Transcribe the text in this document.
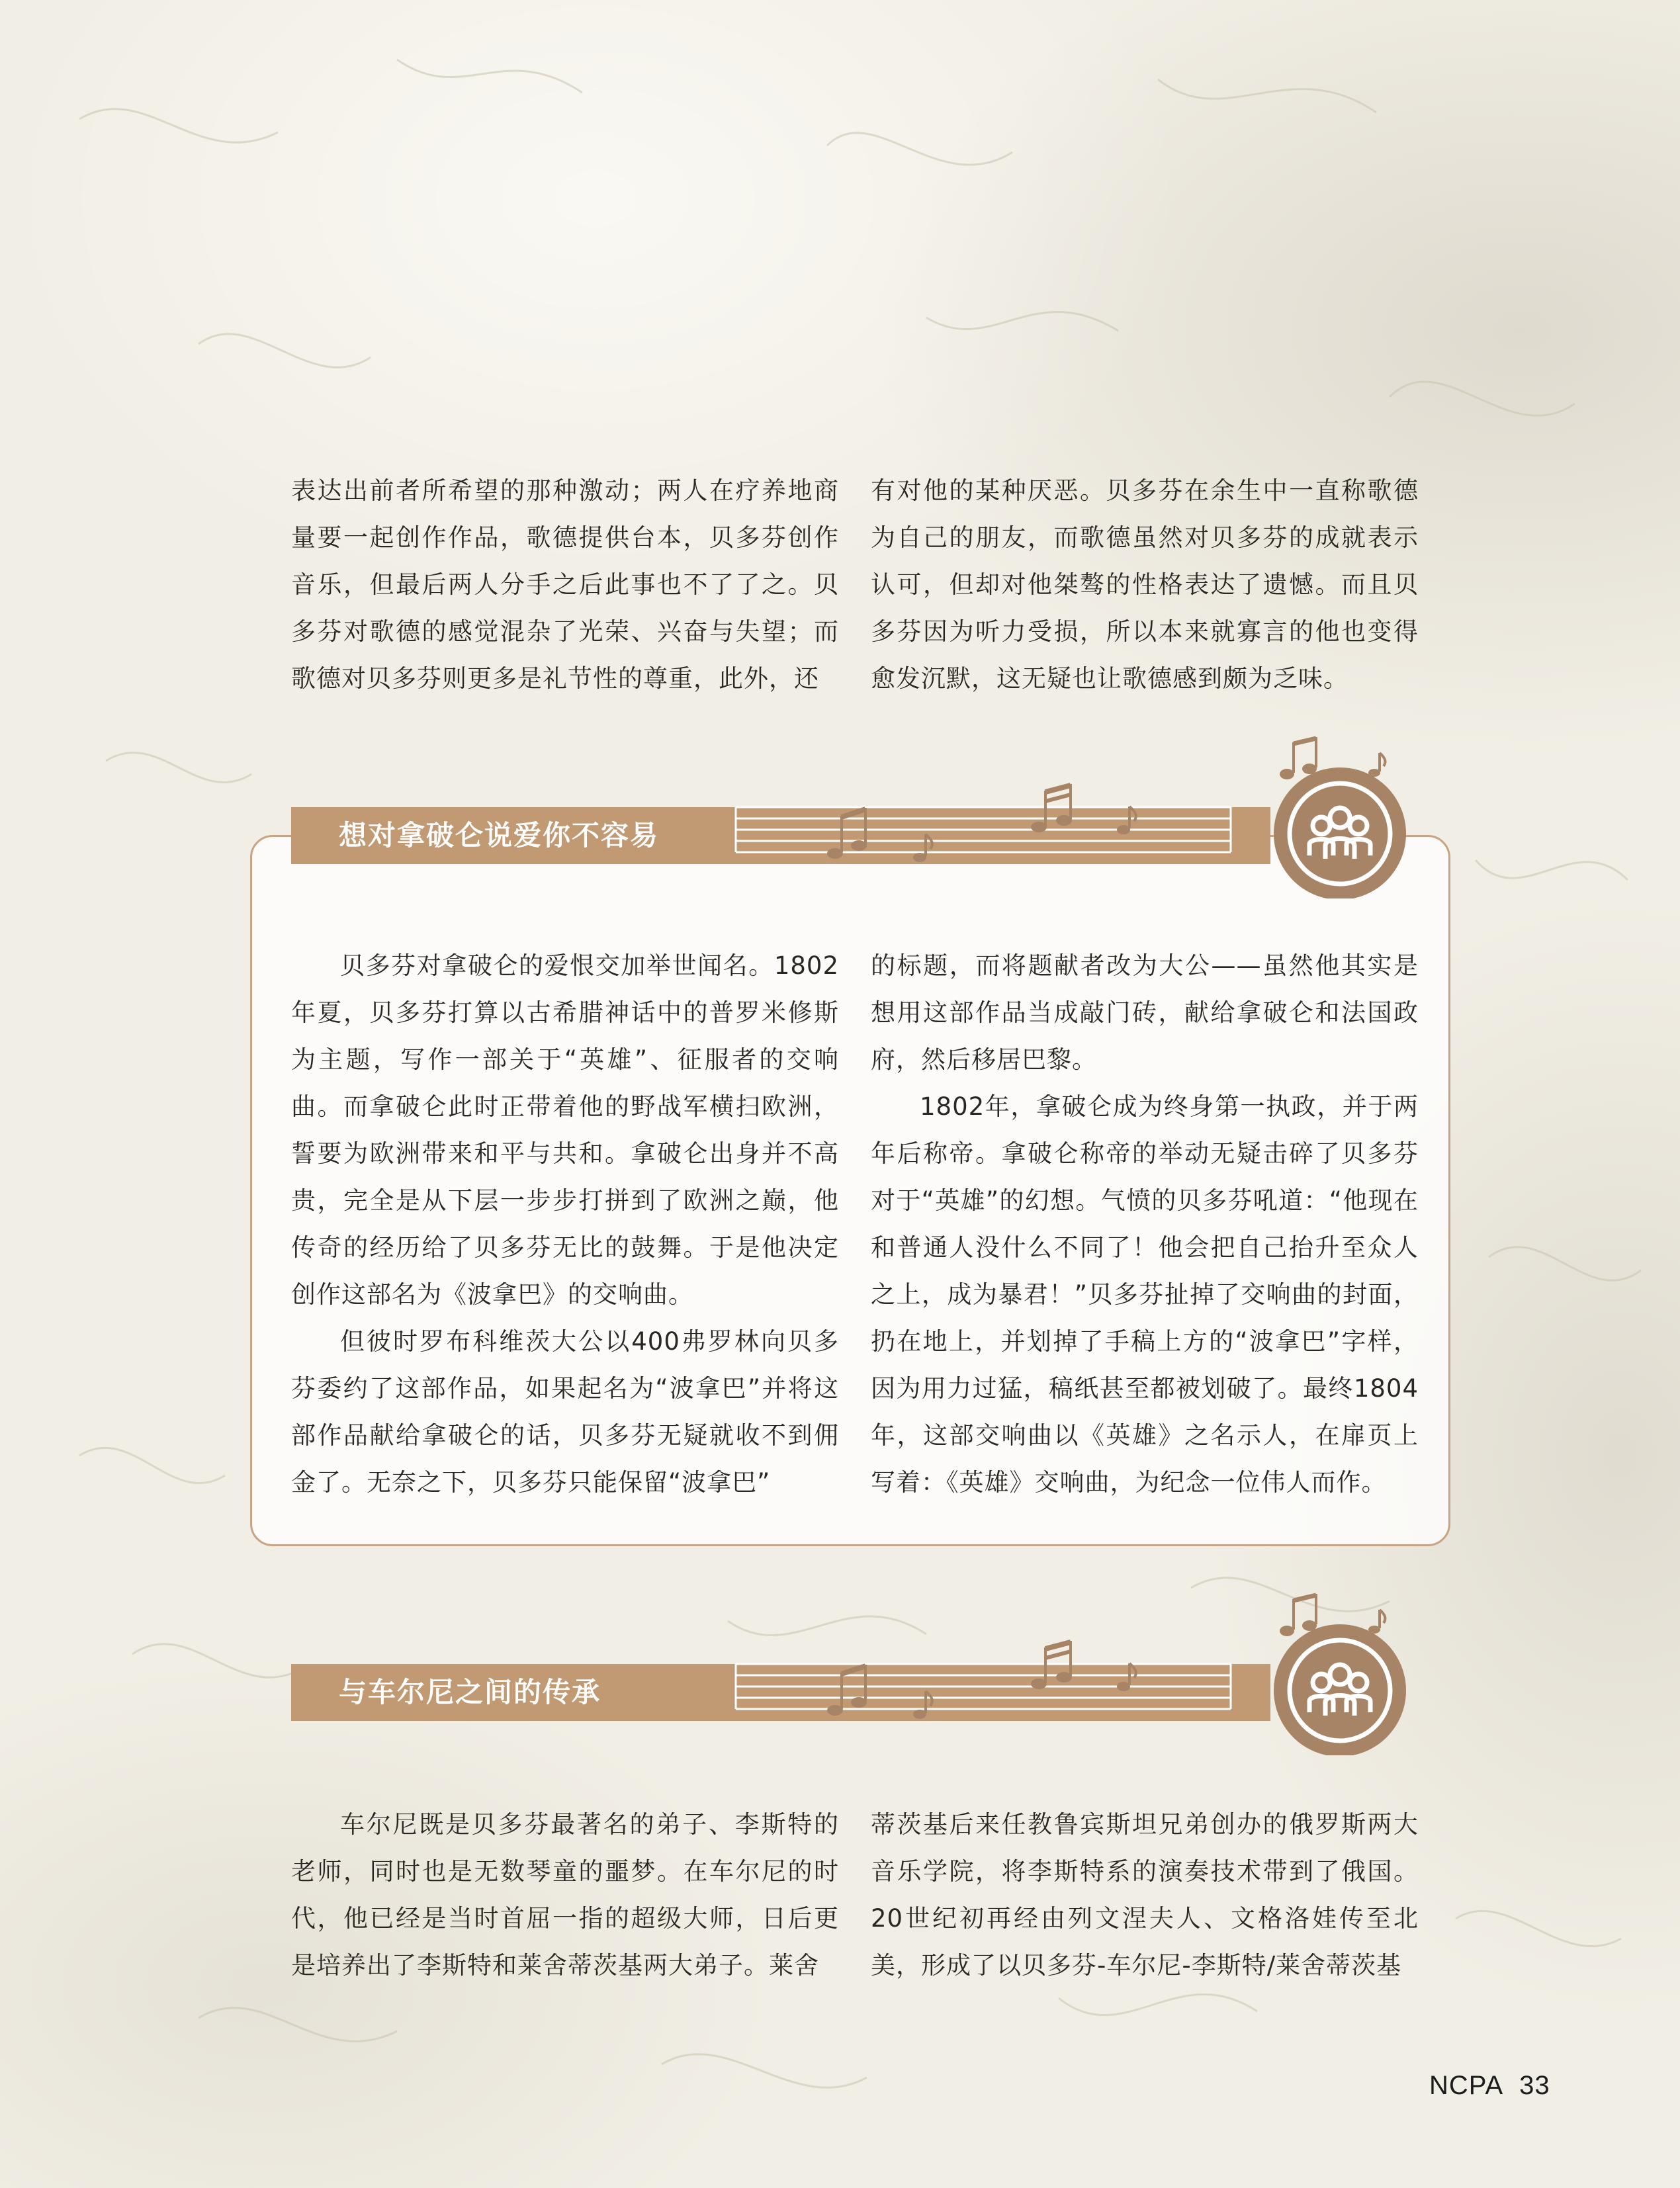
表达出前者所希望的那种激动；两人在疗养地商量要一起创作作品，歌德提供台本，贝多芬创作音乐，但最后两人分手之后此事也不了了之。贝多芬对歌德的感觉混杂了光荣、兴奋与失望；而歌德对贝多芬则更多是礼节性的尊重，此外，还

有对他的某种厌恶。贝多芬在余生中一直称歌德为自己的朋友，而歌德虽然对贝多芬的成就表示认可，但却对他桀骜的性格表达了遗憾。而且贝多芬因为听力受损，所以本来就寡言的他也变得愈发沉默，这无疑也让歌德感到颇为乏味。

想对拿破仑说爱你不容易

贝多芬对拿破仑的爱恨交加举世闻名。1802年夏，贝多芬打算以古希腊神话中的普罗米修斯为主题，写作一部关于“英雄”、征服者的交响曲。而拿破仑此时正带着他的野战军横扫欧洲，誓要为欧洲带来和平与共和。拿破仑出身并不高贵，完全是从下层一步步打拼到了欧洲之巅，他传奇的经历给了贝多芬无比的鼓舞。于是他决定创作这部名为《波拿巴》的交响曲。

但彼时罗布科维茨大公以400弗罗林向贝多芬委约了这部作品，如果起名为“波拿巴”并将这部作品献给拿破仑的话，贝多芬无疑就收不到佣金了。无奈之下，贝多芬只能保留“波拿巴”

的标题，而将题献者改为大公——虽然他其实是想用这部作品当成敲门砖，献给拿破仑和法国政府，然后移居巴黎。

1802年，拿破仑成为终身第一执政，并于两年后称帝。拿破仑称帝的举动无疑击碎了贝多芬对于“英雄”的幻想。气愤的贝多芬吼道：“他现在和普通人没什么不同了！他会把自己抬升至众人之上，成为暴君！”贝多芬扯掉了交响曲的封面，扔在地上，并划掉了手稿上方的“波拿巴”字样，因为用力过猛，稿纸甚至都被划破了。最终1804年，这部交响曲以《英雄》之名示人，在扉页上写着：《英雄》交响曲，为纪念一位伟人而作。

与车尔尼之间的传承

车尔尼既是贝多芬最著名的弟子、李斯特的老师，同时也是无数琴童的噩梦。在车尔尼的时代，他已经是当时首屈一指的超级大师，日后更是培养出了李斯特和莱舍蒂茨基两大弟子。莱舍

蒂茨基后来任教鲁宾斯坦兄弟创办的俄罗斯两大音乐学院，将李斯特系的演奏技术带到了俄国。20世纪初再经由列文涅夫人、文格洛娃传至北美，形成了以贝多芬-车尔尼-李斯特/莱舍蒂茨基

NCPA 33
